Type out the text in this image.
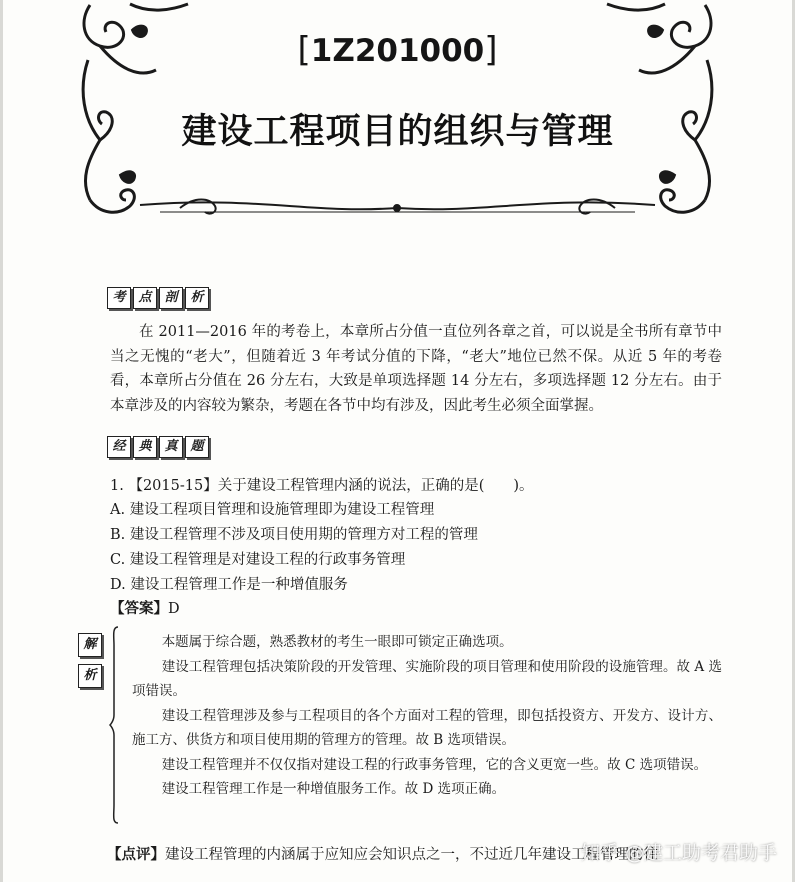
[1Z201000]
建设工程项目的组织与管理
考 点 剖 析
在 2011—2016 年的考卷上，本章所占分值一直位列各章之首，可以说是全书所有章节中当之无愧的“老大”，但随着近 3 年考试分值的下降，“老大”地位已然不保。从近 5 年的考卷看，本章所占分值在 26 分左右，大致是单项选择题 14 分左右，多项选择题 12 分左右。由于本章涉及的内容较为繁杂，考题在各节中均有涉及，因此考生必须全面掌握。
经 典 真 题
1. 【2015-15】关于建设工程管理内涵的说法，正确的是(　　)。
A. 建设工程项目管理和设施管理即为建设工程管理
B. 建设工程管理不涉及项目使用期的管理方对工程的管理
C. 建设工程管理是对建设工程的行政事务管理
D. 建设工程管理工作是一种增值服务
【答案】D
解
析

本题属于综合题，熟悉教材的考生一眼即可锁定正确选项。

建设工程管理包括决策阶段的开发管理、实施阶段的项目管理和使用阶段的设施管理。故 A 选项错误。

建设工程管理涉及参与工程项目的各个方面对工程的管理，即包括投资方、开发方、设计方、施工方、供货方和项目使用期的管理方的管理。故 B 选项错误。

建设工程管理并不仅仅指对建设工程的行政事务管理，它的含义更宽一些。故 C 选项错误。

建设工程管理工作是一种增值服务工作。故 D 选项正确。

【点评】建设工程管理的内涵属于应知应会知识点之一，不过近几年建设工程管理的往
知乎 @建工助考君助手
